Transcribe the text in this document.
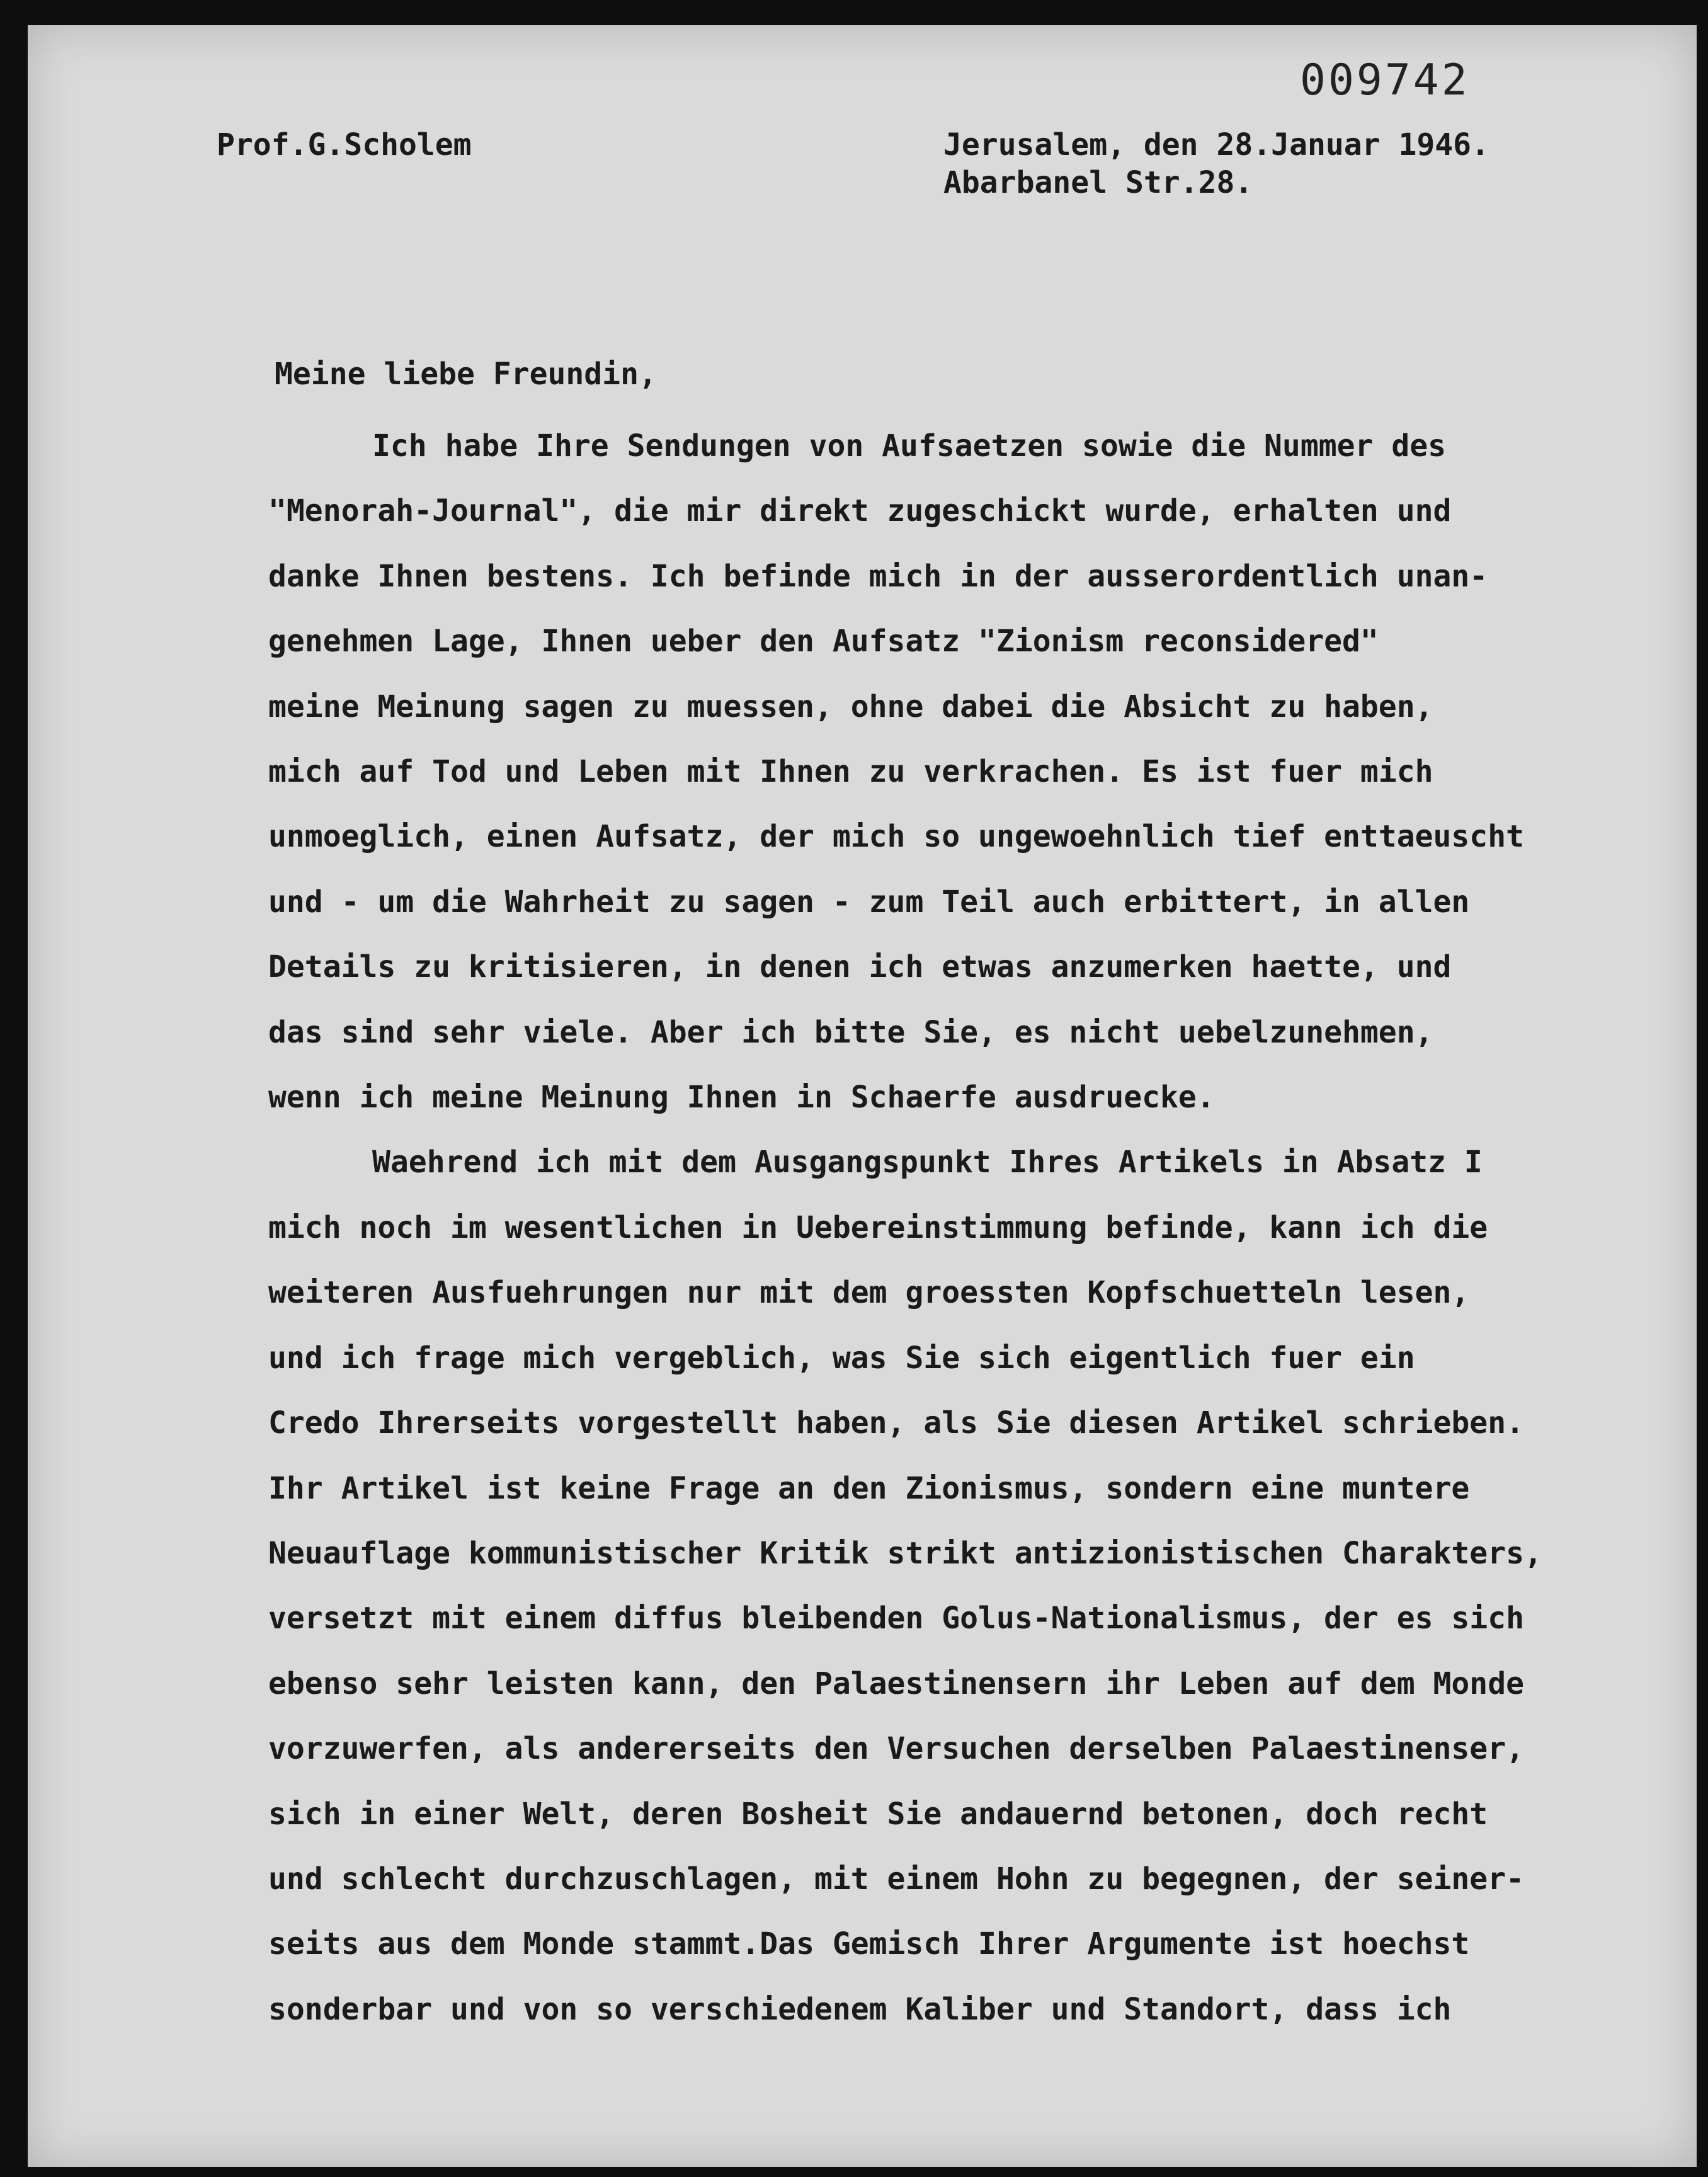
009742

Prof.G.Scholem	Jerusalem, den 28.Januar 1946.

Abarbanel Str.28.

Meine liebe Freundin,

Ich habe Ihre Sendungen von Aufsaetzen sowie die Nummer des
"Menorah-Journal", die mir direkt zugeschickt wurde, erhalten und
danke Ihnen bestens. Ich befinde mich in der ausserordentlich unan-
genehmen Lage, Ihnen ueber den Aufsatz "Zionism reconsidered"
meine Meinung sagen zu muessen, ohne dabei die Absicht zu haben,
mich auf Tod und Leben mit Ihnen zu verkrachen. Es ist fuer mich
unmoeglich, einen Aufsatz, der mich so ungewoehnlich tief enttaeuscht
und - um die Wahrheit zu sagen - zum Teil auch erbittert, in allen
Details zu kritisieren, in denen ich etwas anzumerken haette, und
das sind sehr viele. Aber ich bitte Sie, es nicht uebelzunehmen,
wenn ich meine Meinung Ihnen in Schaerfe ausdruecke.
Waehrend ich mit dem Ausgangspunkt Ihres Artikels in Absatz I
mich noch im wesentlichen in Uebereinstimmung befinde, kann ich die
weiteren Ausfuehrungen nur mit dem groessten Kopfschuetteln lesen,
und ich frage mich vergeblich, was Sie sich eigentlich fuer ein
Credo Ihrerseits vorgestellt haben, als Sie diesen Artikel schrieben.
Ihr Artikel ist keine Frage an den Zionismus, sondern eine muntere
Neuauflage kommunistischer Kritik strikt antizionistischen Charakters,
versetzt mit einem diffus bleibenden Golus-Nationalismus, der es sich
ebenso sehr leisten kann, den Palaestinensern ihr Leben auf dem Monde
vorzuwerfen, als andererseits den Versuchen derselben Palaestinenser,
sich in einer Welt, deren Bosheit Sie andauernd betonen, doch recht
und schlecht durchzuschlagen, mit einem Hohn zu begegnen, der seiner-
seits aus dem Monde stammt.Das Gemisch Ihrer Argumente ist hoechst
sonderbar und von so verschiedenem Kaliber und Standort, dass ich
